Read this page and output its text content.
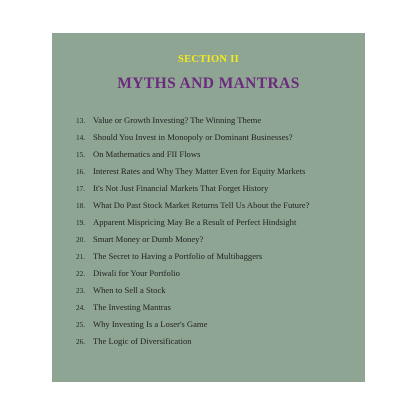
SECTION II
MYTHS AND MANTRAS
13. Value or Growth Investing? The Winning Theme
14. Should You Invest in Monopoly or Dominant Businesses?
15. On Mathematics and FII Flows
16. Interest Rates and Why They Matter Even for Equity Markets
17. It's Not Just Financial Markets That Forget History
18. What Do Past Stock Market Returns Tell Us About the Future?
19. Apparent Mispricing May Be a Result of Perfect Hindsight
20. Smart Money or Dumb Money?
21. The Secret to Having a Portfolio of Multibaggers
22. Diwali for Your Portfolio
23. When to Sell a Stock
24. The Investing Mantras
25. Why Investing Is a Loser's Game
26. The Logic of Diversification
